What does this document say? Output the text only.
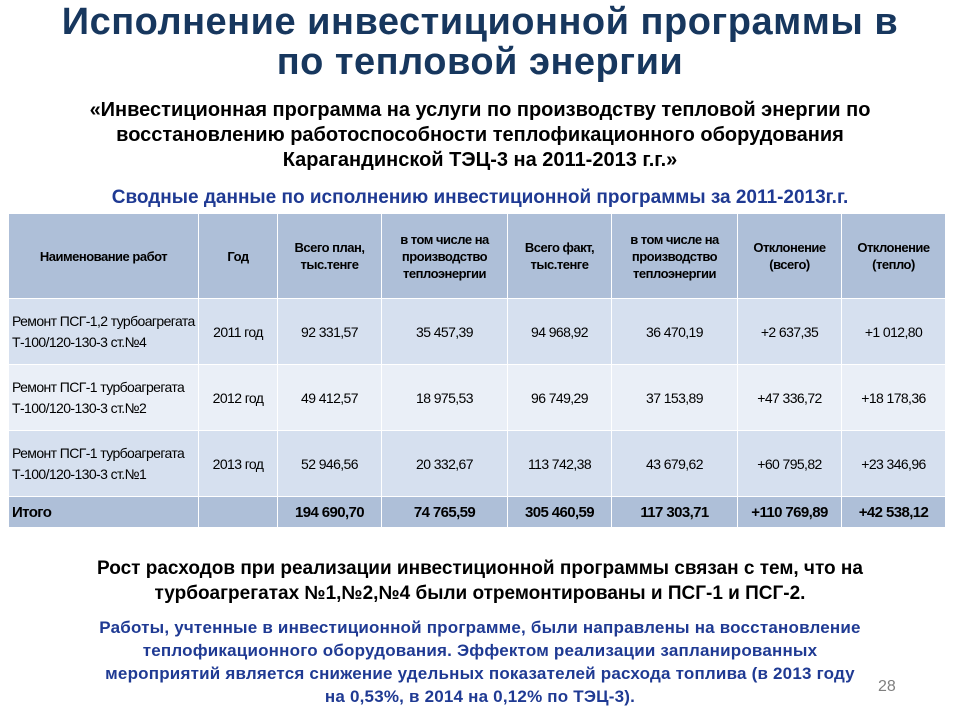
Исполнение инвестиционной программы в
по тепловой энергии
«Инвестиционная программа на услуги по производству тепловой энергии по
восстановлению работоспособности теплофикационного оборудования
Карагандинской ТЭЦ-3 на 2011-2013 г.г.»
Сводные данные по исполнению инвестиционной программы за 2011-2013г.г.
Наименование работ	Год	Всего план, тыс.тенге	в том числе на производство теплоэнергии	Всего факт, тыс.тенге	в том числе на производство теплоэнергии	Отклонение (всего)	Отклонение (тепло)
Ремонт ПСГ-1,2 турбоагрегата Т-100/120-130-3 ст.№4	2011 год	92 331,57	35 457,39	94 968,92	36 470,19	+2 637,35	+1 012,80
Ремонт ПСГ-1 турбоагрегата Т-100/120-130-3 ст.№2	2012 год	49 412,57	18 975,53	96 749,29	37 153,89	+47 336,72	+18 178,36
Ремонт ПСГ-1 турбоагрегата Т-100/120-130-3 ст.№1	2013 год	52 946,56	20 332,67	113 742,38	43 679,62	+60 795,82	+23 346,96
Итого		194 690,70	74 765,59	305 460,59	117 303,71	+110 769,89	+42 538,12
Рост расходов при реализации инвестиционной программы связан с тем, что на
турбоагрегатах №1,№2,№4 были отремонтированы и ПСГ-1 и ПСГ-2.
Работы, учтенные в инвестиционной программе, были направлены на восстановление
теплофикационного оборудования. Эффектом реализации запланированных
мероприятий является снижение удельных показателей расхода топлива (в 2013 году
на 0,53%, в 2014 на 0,12% по ТЭЦ-3).
28
